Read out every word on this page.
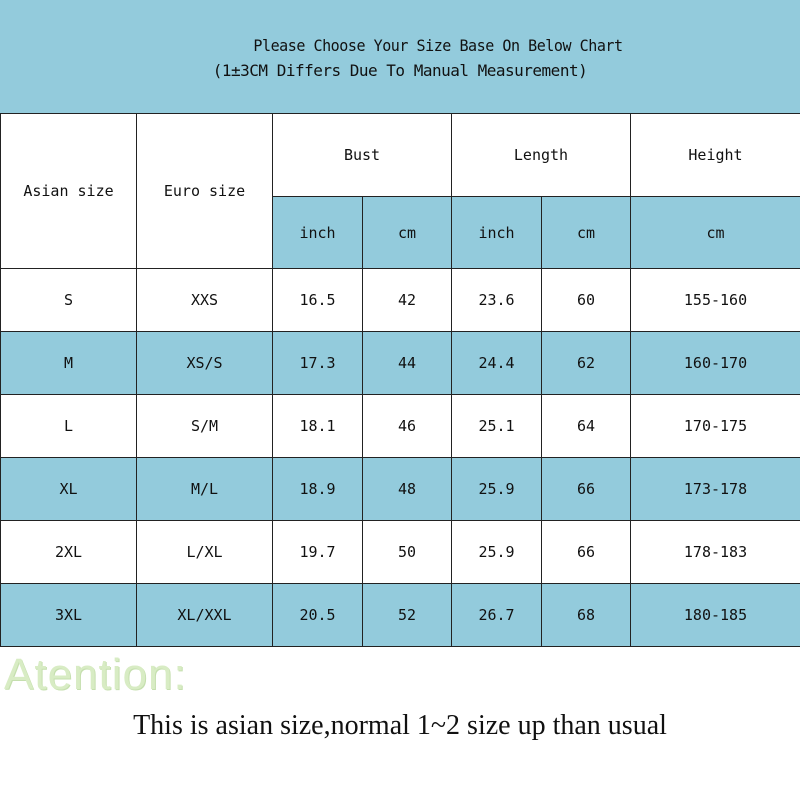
Please Choose Your Size Base On Below Chart
(1±3CM Differs Due To Manual Measurement)
Asian size	Euro size	Bust		Length		Height
		inch	cm	inch	cm	cm
S	XXS	16.5	42	23.6	60	155-160
M	XS/S	17.3	44	24.4	62	160-170
L	S/M	18.1	46	25.1	64	170-175
XL	M/L	18.9	48	25.9	66	173-178
2XL	L/XL	19.7	50	25.9	66	178-183
3XL	XL/XXL	20.5	52	26.7	68	180-185
Atention:
This is asian size,normal 1~2 size up than usual
